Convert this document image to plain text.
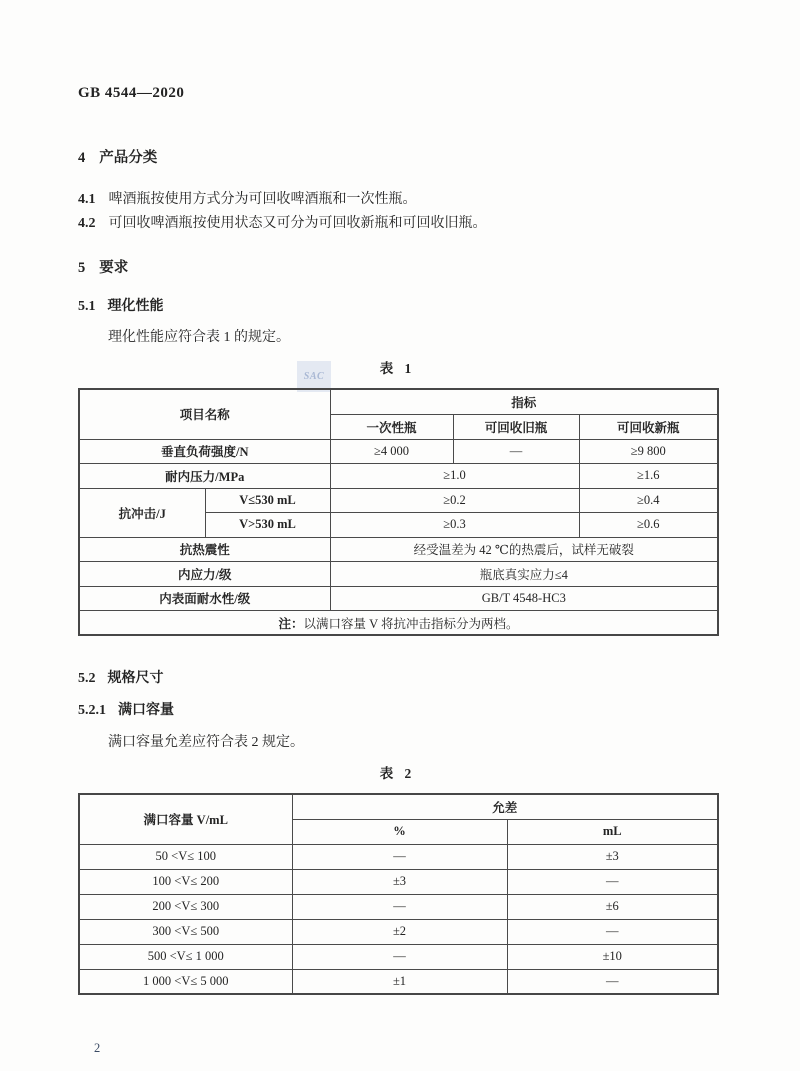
GB 4544—2020
4 产品分类
4.1 啤酒瓶按使用方式分为可回收啤酒瓶和一次性瓶。
4.2 可回收啤酒瓶按使用状态又可分为可回收新瓶和可回收旧瓶。
5 要求
5.1 理化性能
理化性能应符合表 1 的规定。
表 1
SAC
项目名称		指标		
		一次性瓶	可回收旧瓶	可回收新瓶
垂直负荷强度/N		≥4 000	—	≥9 800
耐内压力/MPa		≥1.0		≥1.6
抗冲击/J	V≤530 mL	≥0.2		≥0.4
	V>530 mL	≥0.3		≥0.6
抗热震性		经受温差为 42 ℃的热震后，试样无破裂		
内应力/级		瓶底真实应力≤4		
内表面耐水性/级		GB/T 4548-HC3		
注：以满口容量 V 将抗冲击指标分为两档。				
5.2 规格尺寸
5.2.1 满口容量
满口容量允差应符合表 2 规定。
表 2
满口容量 V/mL	允差	
	%	mL
50 <V≤ 100	—	±3
100 <V≤ 200	±3	—
200 <V≤ 300	—	±6
300 <V≤ 500	±2	—
500 <V≤ 1 000	—	±10
1 000 <V≤ 5 000	±1	—
2
